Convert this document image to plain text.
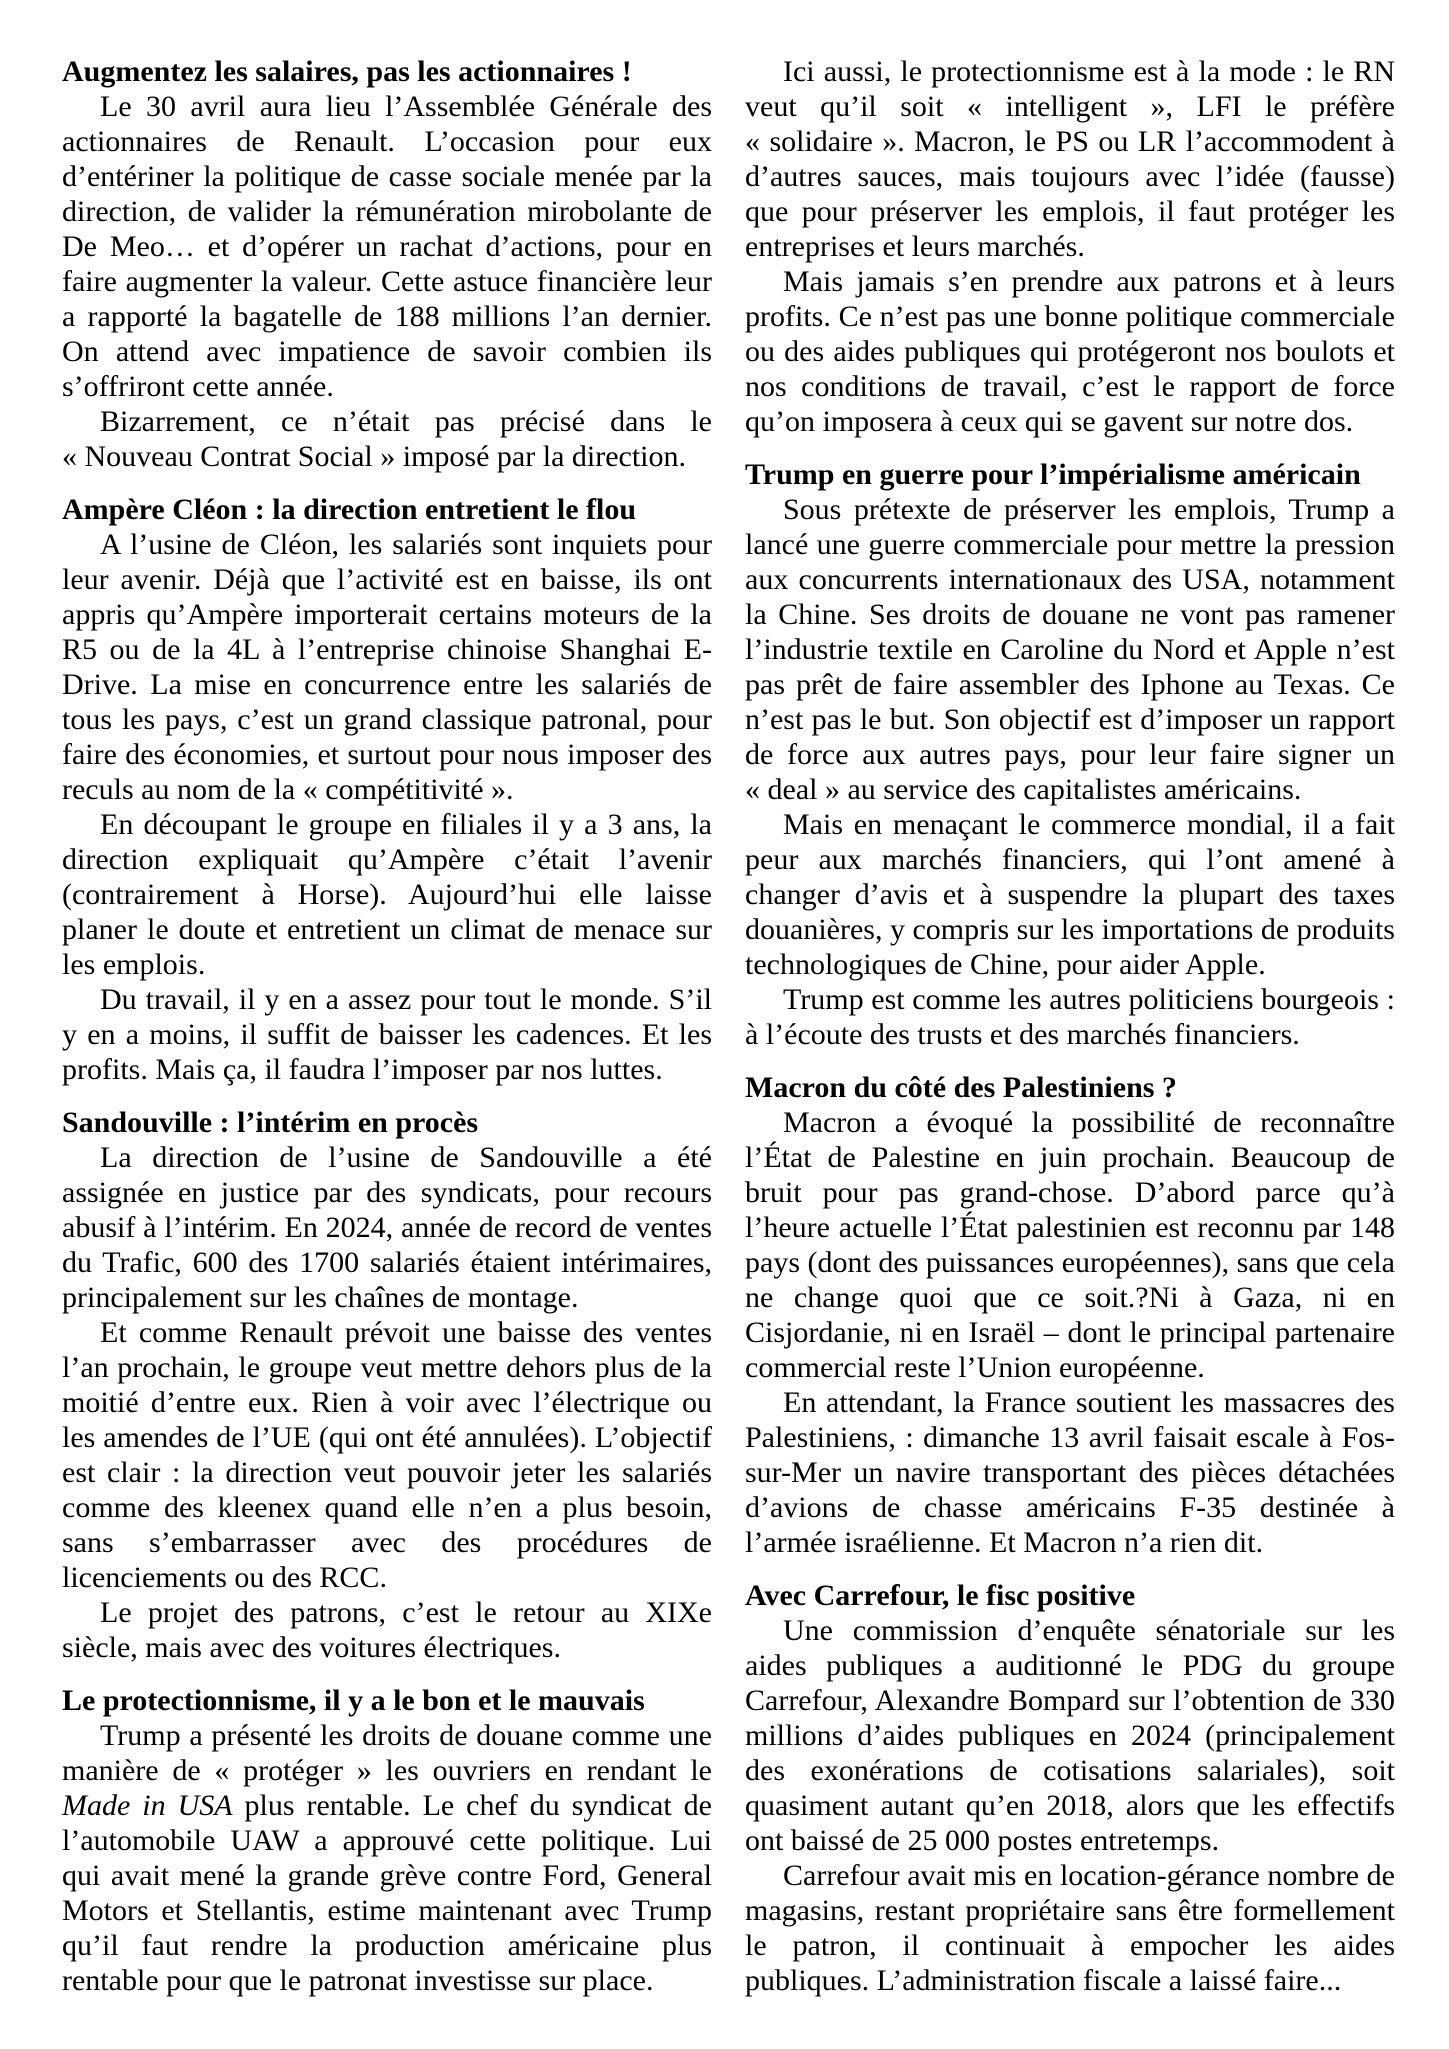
Augmentez les salaires, pas les actionnaires !

Le 30 avril aura lieu l’Assemblée Générale des actionnaires de Renault. L’occasion pour eux d’entériner la politique de casse sociale menée par la direction, de valider la rémunération mirobolante de De Meo… et d’opérer un rachat d’actions, pour en faire augmenter la valeur. Cette astuce financière leur a rapporté la bagatelle de 188 millions l’an dernier. On attend avec impatience de savoir combien ils s’offriront cette année.

Bizarrement, ce n’était pas précisé dans le « Nouveau Contrat Social » imposé par la direction.

Ampère Cléon : la direction entretient le flou

A l’usine de Cléon, les salariés sont inquiets pour leur avenir. Déjà que l’activité est en baisse, ils ont appris qu’Ampère importerait certains moteurs de la R5 ou de la 4L à l’entreprise chinoise Shanghai E-Drive. La mise en concurrence entre les salariés de tous les pays, c’est un grand classique patronal, pour faire des économies, et surtout pour nous imposer des reculs au nom de la « compétitivité ».

En découpant le groupe en filiales il y a 3 ans, la direction expliquait qu’Ampère c’était l’avenir (contrairement à Horse). Aujourd’hui elle laisse planer le doute et entretient un climat de menace sur les emplois.

Du travail, il y en a assez pour tout le monde. S’il y en a moins, il suffit de baisser les cadences. Et les profits. Mais ça, il faudra l’imposer par nos luttes.

Sandouville : l’intérim en procès

La direction de l’usine de Sandouville a été assignée en justice par des syndicats, pour recours abusif à l’intérim. En 2024, année de record de ventes du Trafic, 600 des 1700 salariés étaient intérimaires, principalement sur les chaînes de montage.

Et comme Renault prévoit une baisse des ventes l’an prochain, le groupe veut mettre dehors plus de la moitié d’entre eux. Rien à voir avec l’électrique ou les amendes de l’UE (qui ont été annulées). L’objectif est clair : la direction veut pouvoir jeter les salariés comme des kleenex quand elle n’en a plus besoin, sans s’embarrasser avec des procédures de licenciements ou des RCC.

Le projet des patrons, c’est le retour au XIXe siècle, mais avec des voitures électriques.

Le protectionnisme, il y a le bon et le mauvais

Trump a présenté les droits de douane comme une manière de « protéger » les ouvriers en rendant le Made in USA plus rentable. Le chef du syndicat de l’automobile UAW a approuvé cette politique. Lui qui avait mené la grande grève contre Ford, General Motors et Stellantis, estime maintenant avec Trump qu’il faut rendre la production américaine plus rentable pour que le patronat investisse sur place.

Ici aussi, le protectionnisme est à la mode : le RN veut qu’il soit « intelligent », LFI le préfère « solidaire ». Macron, le PS ou LR l’accommodent à d’autres sauces, mais toujours avec l’idée (fausse) que pour préserver les emplois, il faut protéger les entreprises et leurs marchés.

Mais jamais s’en prendre aux patrons et à leurs profits. Ce n’est pas une bonne politique commerciale ou des aides publiques qui protégeront nos boulots et nos conditions de travail, c’est le rapport de force qu’on imposera à ceux qui se gavent sur notre dos.

Trump en guerre pour l’impérialisme américain

Sous prétexte de préserver les emplois, Trump a lancé une guerre commerciale pour mettre la pression aux concurrents internationaux des USA, notamment la Chine. Ses droits de douane ne vont pas ramener l’industrie textile en Caroline du Nord et Apple n’est pas prêt de faire assembler des Iphone au Texas. Ce n’est pas le but. Son objectif est d’imposer un rapport de force aux autres pays, pour leur faire signer un « deal » au service des capitalistes américains.

Mais en menaçant le commerce mondial, il a fait peur aux marchés financiers, qui l’ont amené à changer d’avis et à suspendre la plupart des taxes douanières, y compris sur les importations de produits technologiques de Chine, pour aider Apple.

Trump est comme les autres politiciens bourgeois : à l’écoute des trusts et des marchés financiers.

Macron du côté des Palestiniens ?

Macron a évoqué la possibilité de reconnaître l’État de Palestine en juin prochain. Beaucoup de bruit pour pas grand-chose. D’abord parce qu’à l’heure actuelle l’État palestinien est reconnu par 148 pays (dont des puissances européennes), sans que cela ne change quoi que ce soit.?Ni à Gaza, ni en Cisjordanie, ni en Israël – dont le principal partenaire commercial reste l’Union européenne.

En attendant, la France soutient les massacres des Palestiniens, : dimanche 13 avril faisait escale à Fos-sur-Mer un navire transportant des pièces détachées d’avions de chasse américains F-35 destinée à l’armée israélienne. Et Macron n’a rien dit.

Avec Carrefour, le fisc positive

Une commission d’enquête sénatoriale sur les aides publiques a auditionné le PDG du groupe Carrefour, Alexandre Bompard sur l’obtention de 330 millions d’aides publiques en 2024 (principalement des exonérations de cotisations salariales), soit quasiment autant qu’en 2018, alors que les effectifs ont baissé de 25 000 postes entretemps.

Carrefour avait mis en location-gérance nombre de magasins, restant propriétaire sans être formellement le patron, il continuait à empocher les aides publiques. L’administration fiscale a laissé faire...
